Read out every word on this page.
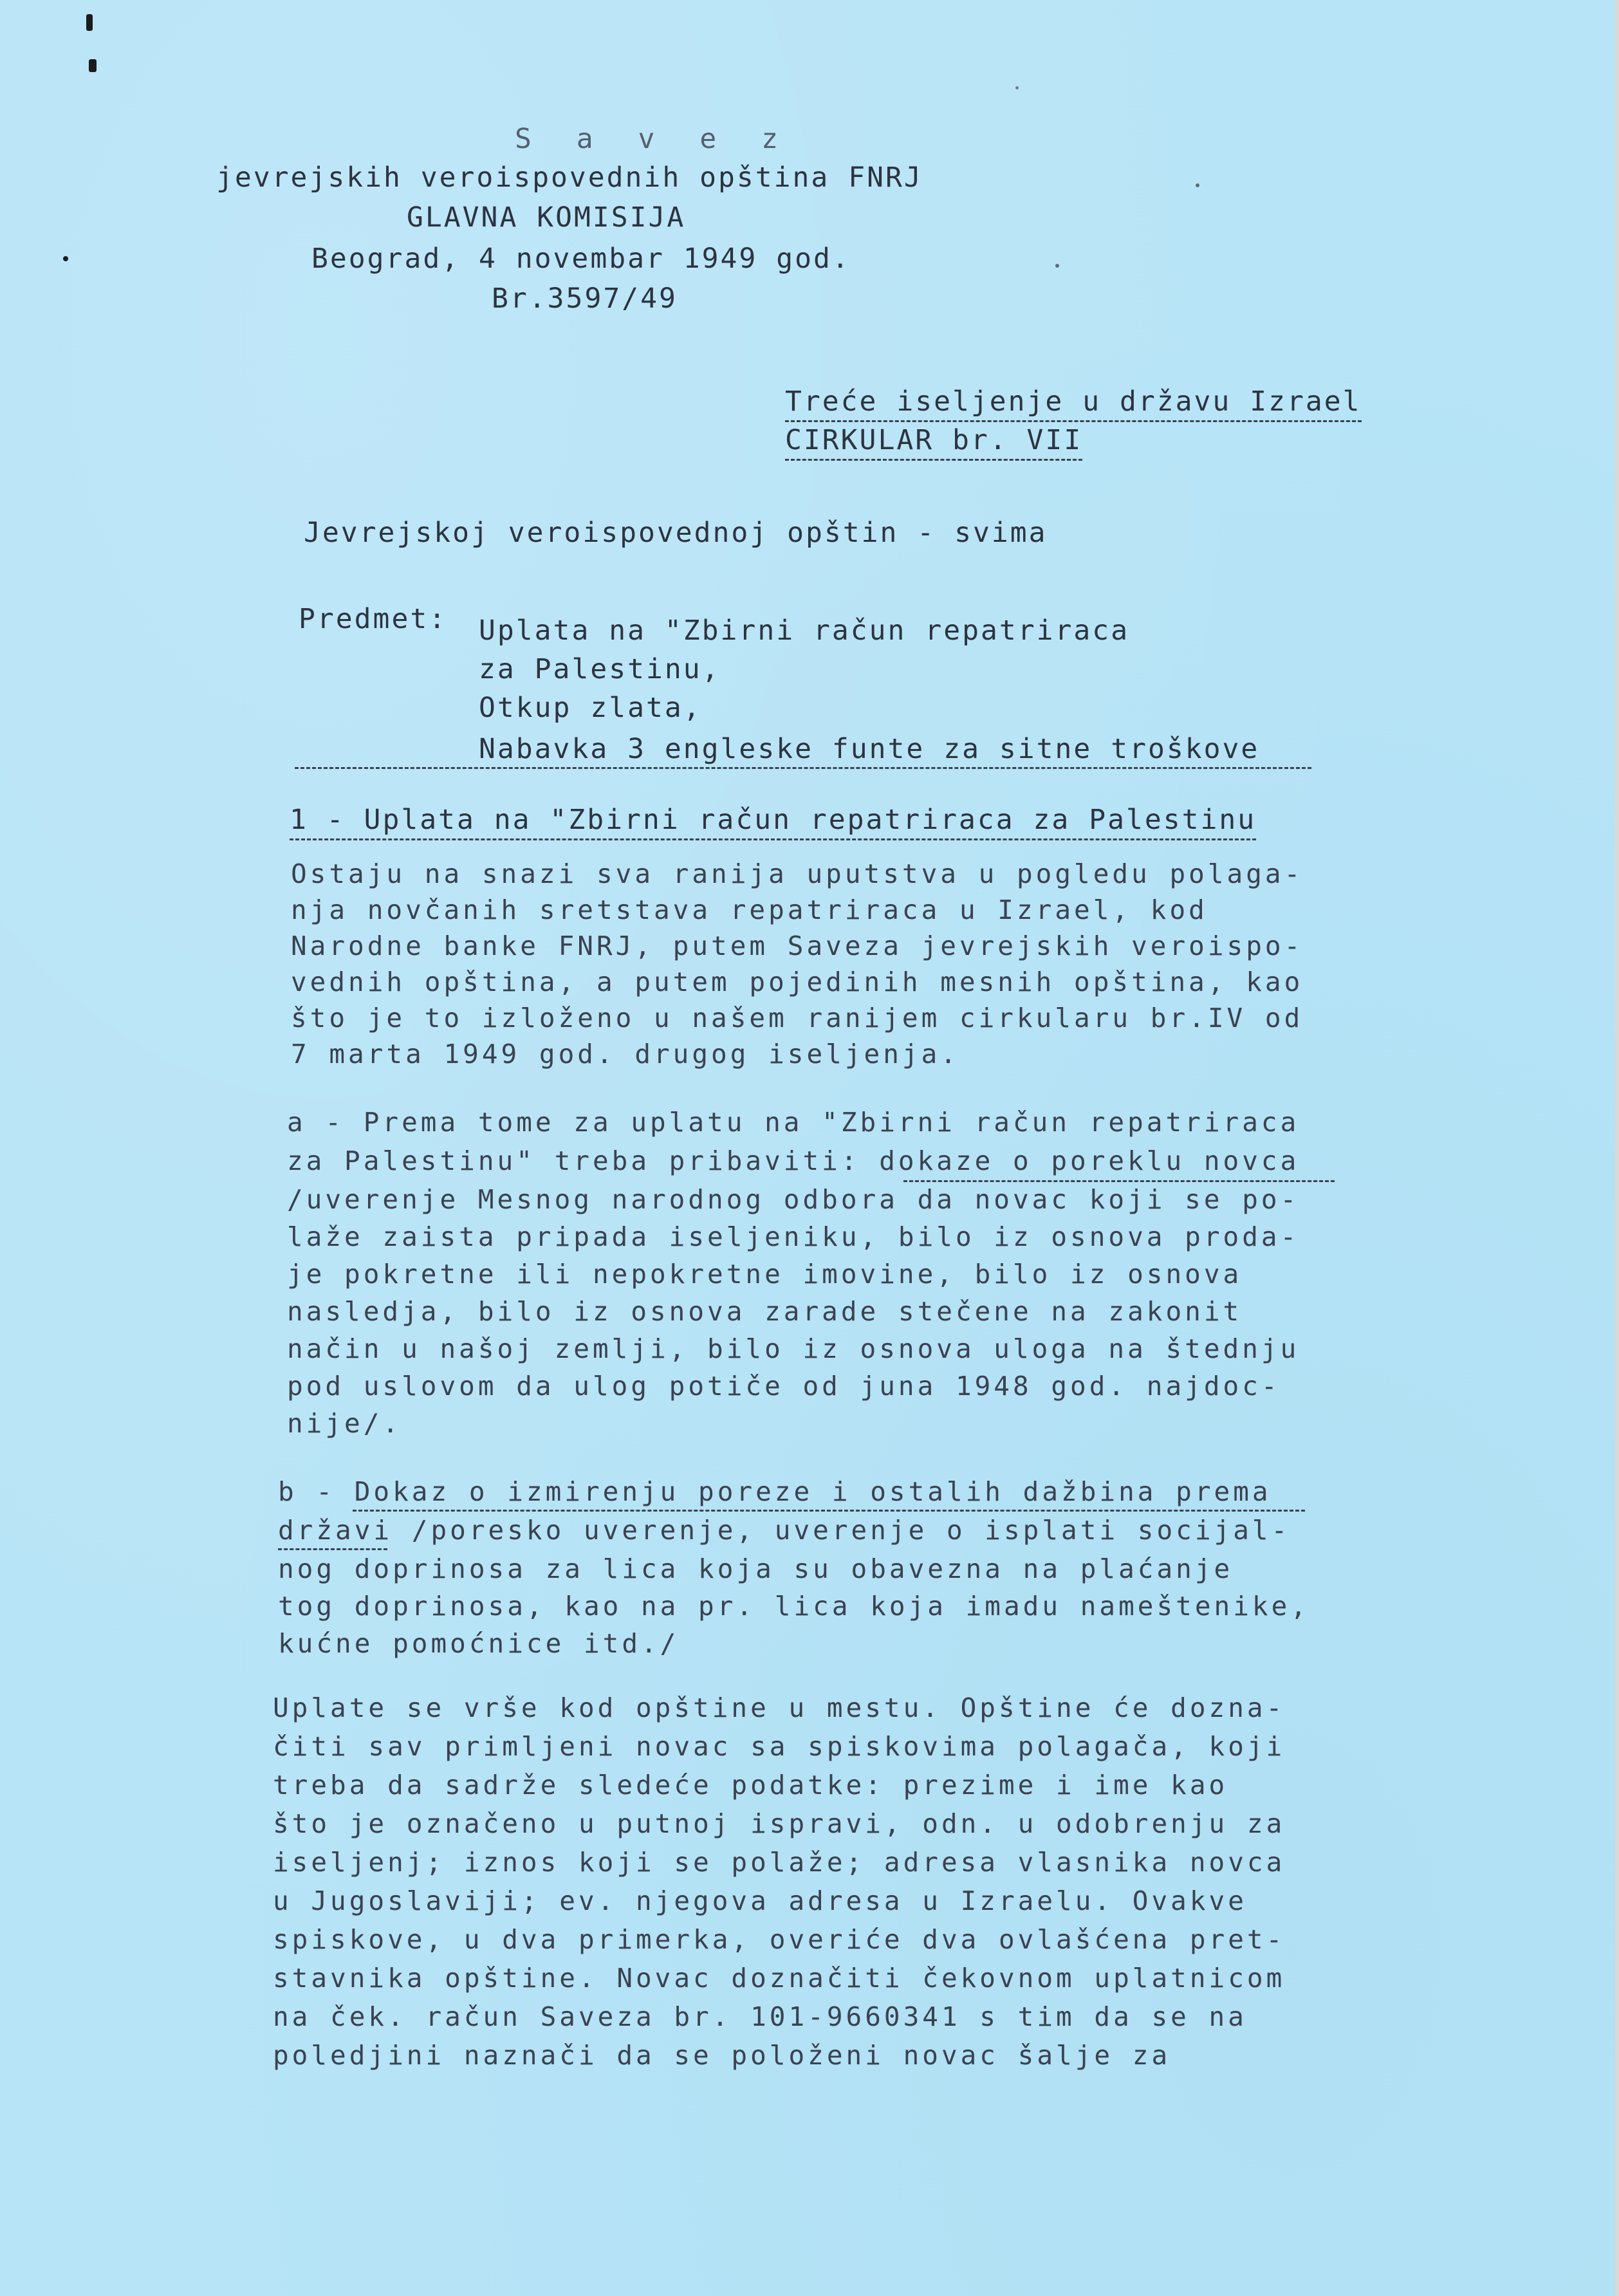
S a v e z
jevrejskih veroispovednih opština FNRJ
GLAVNA KOMISIJA
Beograd, 4 novembar 1949 god.
Br.3597/49
Treće iseljenje u državu Izrael
CIRKULAR br. VII
Jevrejskoj veroispovednoj opštin - svima
Predmet: Uplata na "Zbirni račun repatriraca
za Palestinu,
Otkup zlata,
Nabavka 3 engleske funte za sitne troškove
1 - Uplata na "Zbirni račun repatriraca za Palestinu
Ostaju na snazi sva ranija uputstva u pogledu polaga-
nja novčanih sretstava repatriraca u Izrael, kod
Narodne banke FNRJ, putem Saveza jevrejskih veroispo-
vednih opština, a putem pojedinih mesnih opština, kao
što je to izloženo u našem ranijem cirkularu br.IV od
7 marta 1949 god. drugog iseljenja.
a - Prema tome za uplatu na "Zbirni račun repatriraca
za Palestinu" treba pribaviti: dokaze o poreklu novca
/uverenje Mesnog narodnog odbora da novac koji se po-
laže zaista pripada iseljeniku, bilo iz osnova proda-
je pokretne ili nepokretne imovine, bilo iz osnova
nasledja, bilo iz osnova zarade stečene na zakonit
način u našoj zemlji, bilo iz osnova uloga na štednju
pod uslovom da ulog potiče od juna 1948 god. najdoc-
nije/.
b - Dokaz o izmirenju poreze i ostalih dažbina prema
državi /poresko uverenje, uverenje o isplati socijal-
nog doprinosa za lica koja su obavezna na plaćanje
tog doprinosa, kao na pr. lica koja imadu nameštenike,
kućne pomoćnice itd./
Uplate se vrše kod opštine u mestu. Opštine će dozna-
čiti sav primljeni novac sa spiskovima polagača, koji
treba da sadrže sledeće podatke: prezime i ime kao
što je označeno u putnoj ispravi, odn. u odobrenju za
iseljenj; iznos koji se polaže; adresa vlasnika novca
u Jugoslaviji; ev. njegova adresa u Izraelu. Ovakve
spiskove, u dva primerka, overiće dva ovlašćena pret-
stavnika opštine. Novac doznačiti čekovnom uplatnicom
na ček. račun Saveza br. 101-9660341 s tim da se na
poledjini naznači da se položeni novac šalje za
